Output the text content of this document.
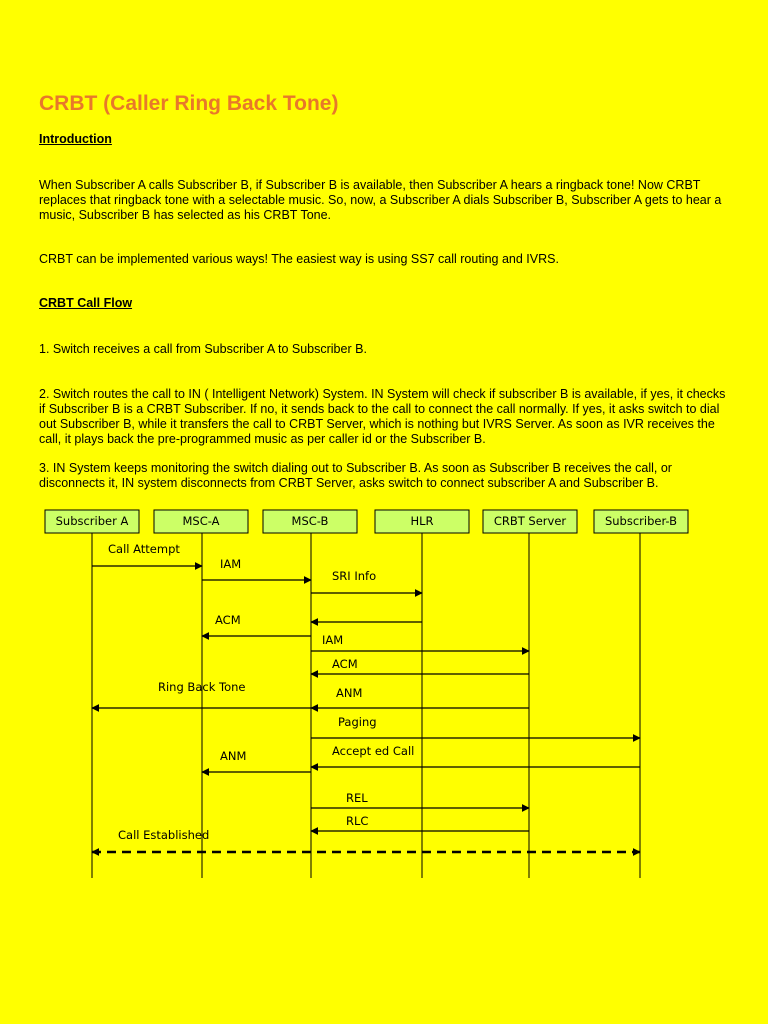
CRBT (Caller Ring Back Tone)

Introduction

When Subscriber A calls Subscriber B, if Subscriber B is available, then Subscriber A hears a ringback tone! Now CRBT replaces that ringback tone with a selectable music. So, now, a Subscriber A dials Subscriber B, Subscriber A gets to hear a music, Subscriber B has selected as his CRBT Tone.

CRBT can be implemented various ways! The easiest way is using SS7 call routing and IVRS.

CRBT Call Flow

1. Switch receives a call from Subscriber A to Subscriber B.

2. Switch routes the call to IN ( Intelligent Network) System. IN System will check if subscriber B is available, if yes, it checks if Subscriber B is a CRBT Subscriber. If no, it sends back to the call to connect the call normally. If yes, it asks switch to dial out Subscriber B, while it transfers the call to CRBT Server, which is nothing but IVRS Server. As soon as IVR receives the call, it plays back the pre-programmed music as per caller id or the Subscriber B.

3. IN System keeps monitoring the switch dialing out to Subscriber B. As soon as Subscriber B receives the call, or disconnects it, IN system disconnects from CRBT Server, asks switch to connect subscriber A and Subscriber B.

Subscriber A	MSC-A	MSC-B	HLR	CRBT Server	Subscriber-B
Call Attempt
IAM
SRI Info
ACM
IAM
ACM
Ring Back Tone	ANM
Paging
Accept ed Call
ANM
REL
RLC
Call Established
